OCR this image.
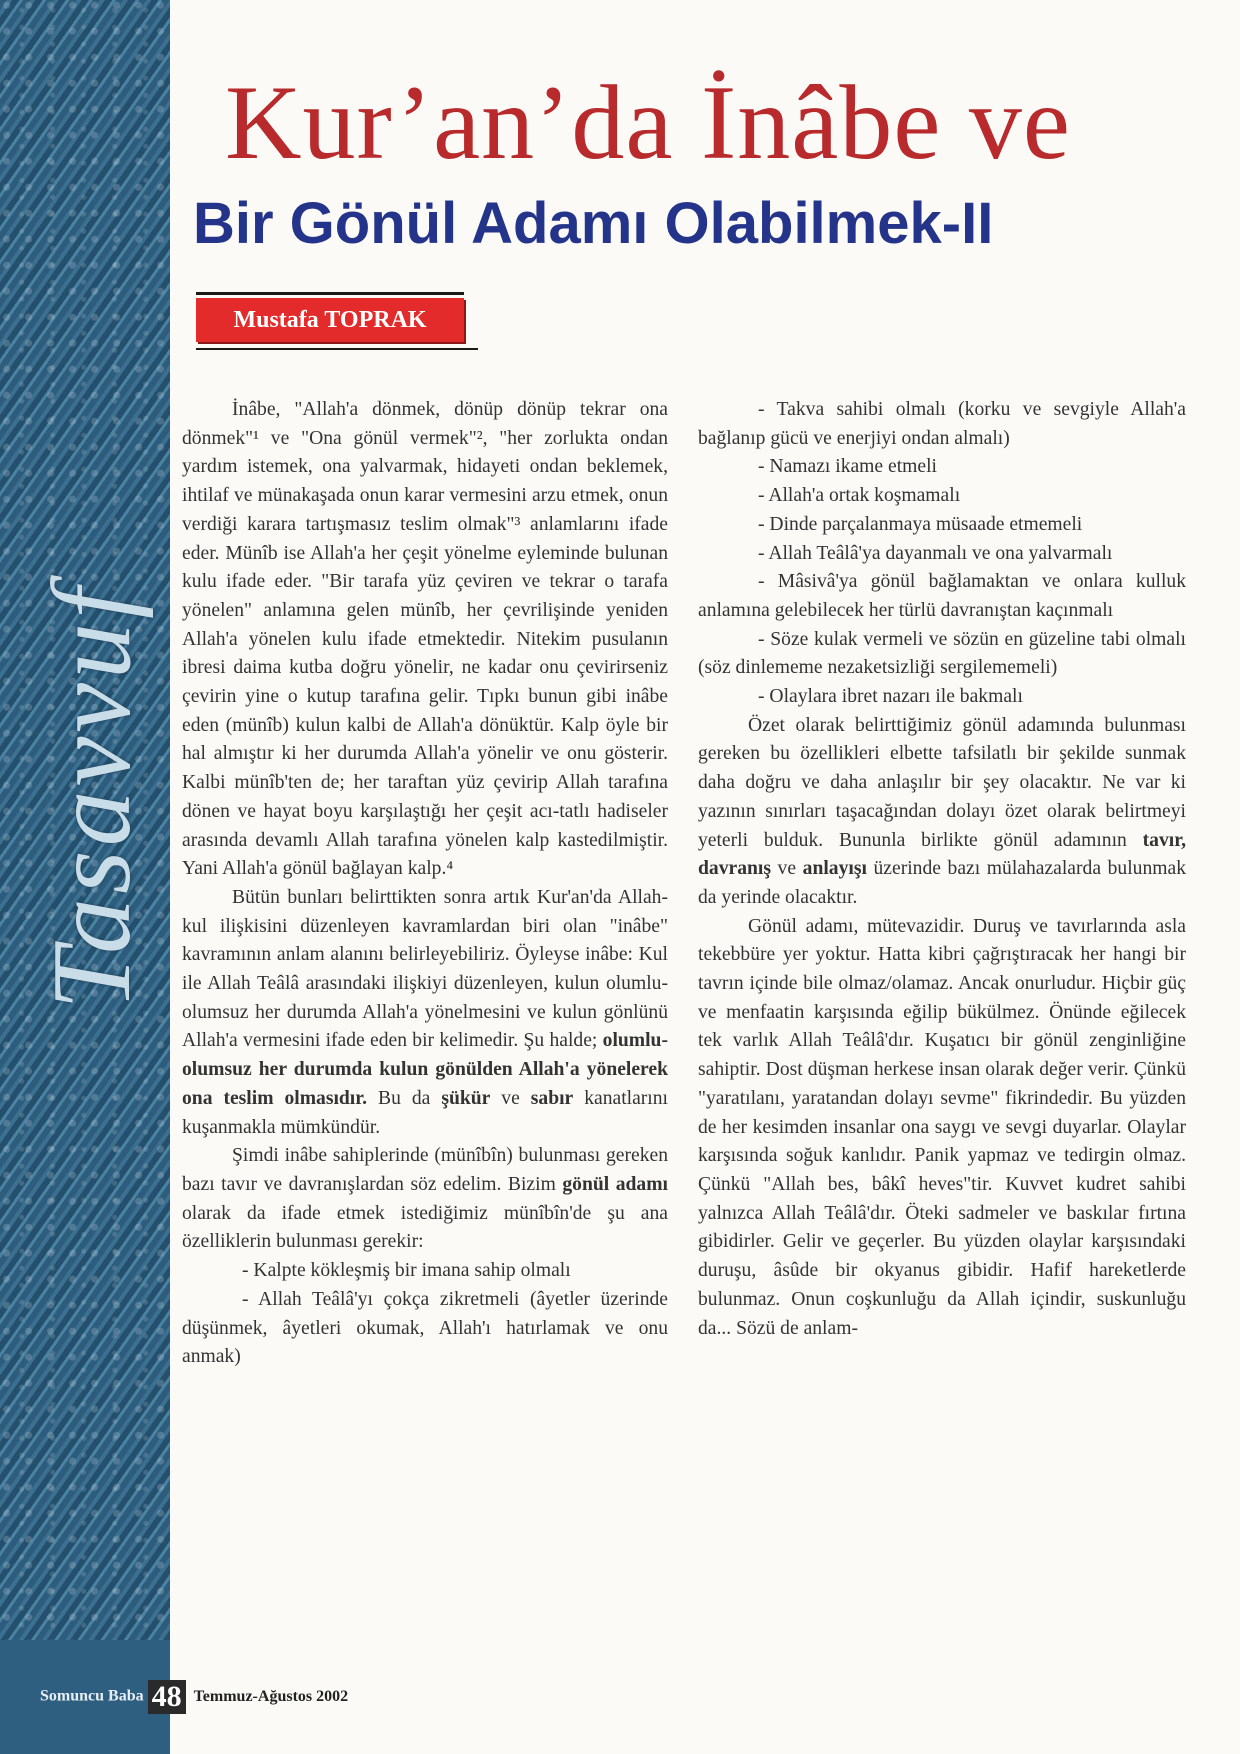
Tasavvuf
Kur’an’da İnâbe ve
Bir Gönül Adamı Olabilmek-II
Mustafa TOPRAK

İnâbe, "Allah'a dönmek, dönüp dönüp tekrar ona dönmek"¹ ve "Ona gönül vermek"², "her zorlukta ondan yardım istemek, ona yalvarmak, hidayeti ondan beklemek, ihtilaf ve münakaşada onun karar vermesini arzu etmek, onun verdiği karara tartışmasız teslim olmak"³ anlamlarını ifade eder. Münîb ise Allah'a her çeşit yönelme eyleminde bulunan kulu ifade eder. "Bir tarafa yüz çeviren ve tekrar o tarafa yönelen" anlamına gelen münîb, her çevrilişinde yeniden Allah'a yönelen kulu ifade etmektedir. Nitekim pusulanın ibresi daima kutba doğru yönelir, ne kadar onu çevirirseniz çevirin yine o kutup tarafına gelir. Tıpkı bunun gibi inâbe eden (münîb) kulun kalbi de Allah'a dönüktür. Kalp öyle bir hal almıştır ki her durumda Allah'a yönelir ve onu gösterir. Kalbi münîb'ten de; her taraftan yüz çevirip Allah tarafına dönen ve hayat boyu karşılaştığı her çeşit acı-tatlı hadiseler arasında devamlı Allah tarafına yönelen kalp kastedilmiştir. Yani Allah'a gönül bağlayan kalp.⁴

Bütün bunları belirttikten sonra artık Kur'an'da Allah-kul ilişkisini düzenleyen kavramlardan biri olan "inâbe" kavramının anlam alanını belirleyebiliriz. Öyleyse inâbe: Kul ile Allah Teâlâ arasındaki ilişkiyi düzenleyen, kulun olumlu-olumsuz her durumda Allah'a yönelmesini ve kulun gönlünü Allah'a vermesini ifade eden bir kelimedir. Şu halde; olumlu-olumsuz her durumda kulun gönülden Allah'a yönelerek ona teslim olmasıdır. Bu da şükür ve sabır kanatlarını kuşanmakla mümkündür.

Şimdi inâbe sahiplerinde (münîbîn) bulunması gereken bazı tavır ve davranışlardan söz edelim. Bizim gönül adamı olarak da ifade etmek istediğimiz münîbîn'de şu ana özelliklerin bulunması gerekir:

- Kalpte kökleşmiş bir imana sahip olmalı

- Allah Teâlâ'yı çokça zikretmeli (âyetler üzerinde düşünmek, âyetleri okumak, Allah'ı hatırlamak ve onu anmak)

- Takva sahibi olmalı (korku ve sevgiyle Allah'a bağlanıp gücü ve enerjiyi ondan almalı)

- Namazı ikame etmeli

- Allah'a ortak koşmamalı

- Dinde parçalanmaya müsaade etmemeli

- Allah Teâlâ'ya dayanmalı ve ona yalvarmalı

- Mâsivâ'ya gönül bağlamaktan ve onlara kulluk anlamına gelebilecek her türlü davranıştan kaçınmalı

- Söze kulak vermeli ve sözün en güzeline tabi olmalı (söz dinlememe nezaketsizliği sergilememeli)

- Olaylara ibret nazarı ile bakmalı

Özet olarak belirttiğimiz gönül adamında bulunması gereken bu özellikleri elbette tafsilatlı bir şekilde sunmak daha doğru ve daha anlaşılır bir şey olacaktır. Ne var ki yazının sınırları taşacağından dolayı özet olarak belirtmeyi yeterli bulduk. Bununla birlikte gönül adamının tavır, davranış ve anlayışı üzerinde bazı mülahazalarda bulunmak da yerinde olacaktır.

Gönül adamı, mütevazidir. Duruş ve tavırlarında asla tekebbüre yer yoktur. Hatta kibri çağrıştıracak her hangi bir tavrın içinde bile olmaz/olamaz. Ancak onurludur. Hiçbir güç ve menfaatin karşısında eğilip bükülmez. Önünde eğilecek tek varlık Allah Teâlâ'dır. Kuşatıcı bir gönül zenginliğine sahiptir. Dost düşman herkese insan olarak değer verir. Çünkü "yaratılanı, yaratandan dolayı sevme" fikrindedir. Bu yüzden de her kesimden insanlar ona saygı ve sevgi duyarlar. Olaylar karşısında soğuk kanlıdır. Panik yapmaz ve tedirgin olmaz. Çünkü "Allah bes, bâkî heves"tir. Kuvvet kudret sahibi yalnızca Allah Teâlâ'dır. Öteki sadmeler ve baskılar fırtına gibidirler. Gelir ve geçerler. Bu yüzden olaylar karşısındaki duruşu, âsûde bir okyanus gibidir. Hafif hareketlerde bulunmaz. Onun coşkunluğu da Allah içindir, suskunluğu da... Sözü de anlam-

Somuncu Baba 48 Temmuz-Ağustos 2002
